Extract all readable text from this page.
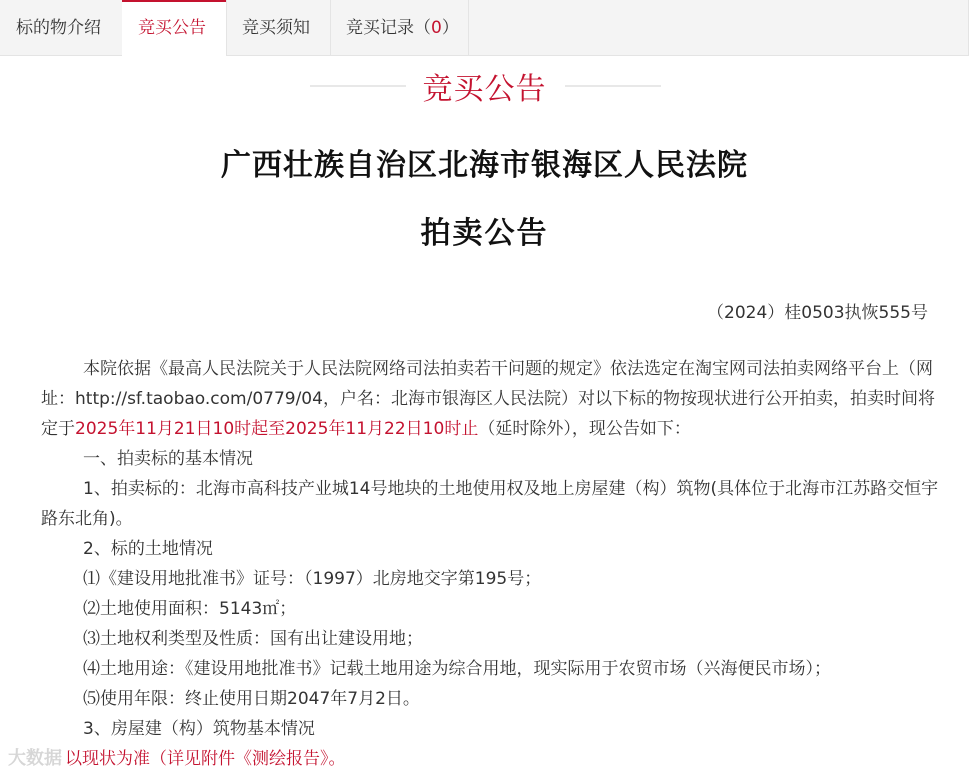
标的物介绍	竞买公告	竞买须知	竞买记录（0）
竞买公告
广西壮族自治区北海市银海区人民法院
拍卖公告
（2024）桂0503执恢555号

本院依据《最高人民法院关于人民法院网络司法拍卖若干问题的规定》依法选定在淘宝网司法拍卖网络平台上（网址：http://sf.taobao.com/0779/04，户名：北海市银海区人民法院）对以下标的物按现状进行公开拍卖，拍卖时间将定于2025年11月21日10时起至2025年11月22日10时止（延时除外），现公告如下：

一、拍卖标的基本情况

1、拍卖标的：北海市高科技产业城14号地块的土地使用权及地上房屋建（构）筑物(具体位于北海市江苏路交恒宇路东北角)。

2、标的土地情况

⑴《建设用地批准书》证号：（1997）北房地交字第195号；

⑵土地使用面积：5143㎡；

⑶土地权利类型及性质：国有出让建设用地；

⑷土地用途：《建设用地批准书》记载土地用途为综合用地，现实际用于农贸市场（兴海便民市场）；

⑸使用年限：终止使用日期2047年7月2日。

3、房屋建（构）筑物基本情况

以现状为准（详见附件《测绘报告》。

大数据
